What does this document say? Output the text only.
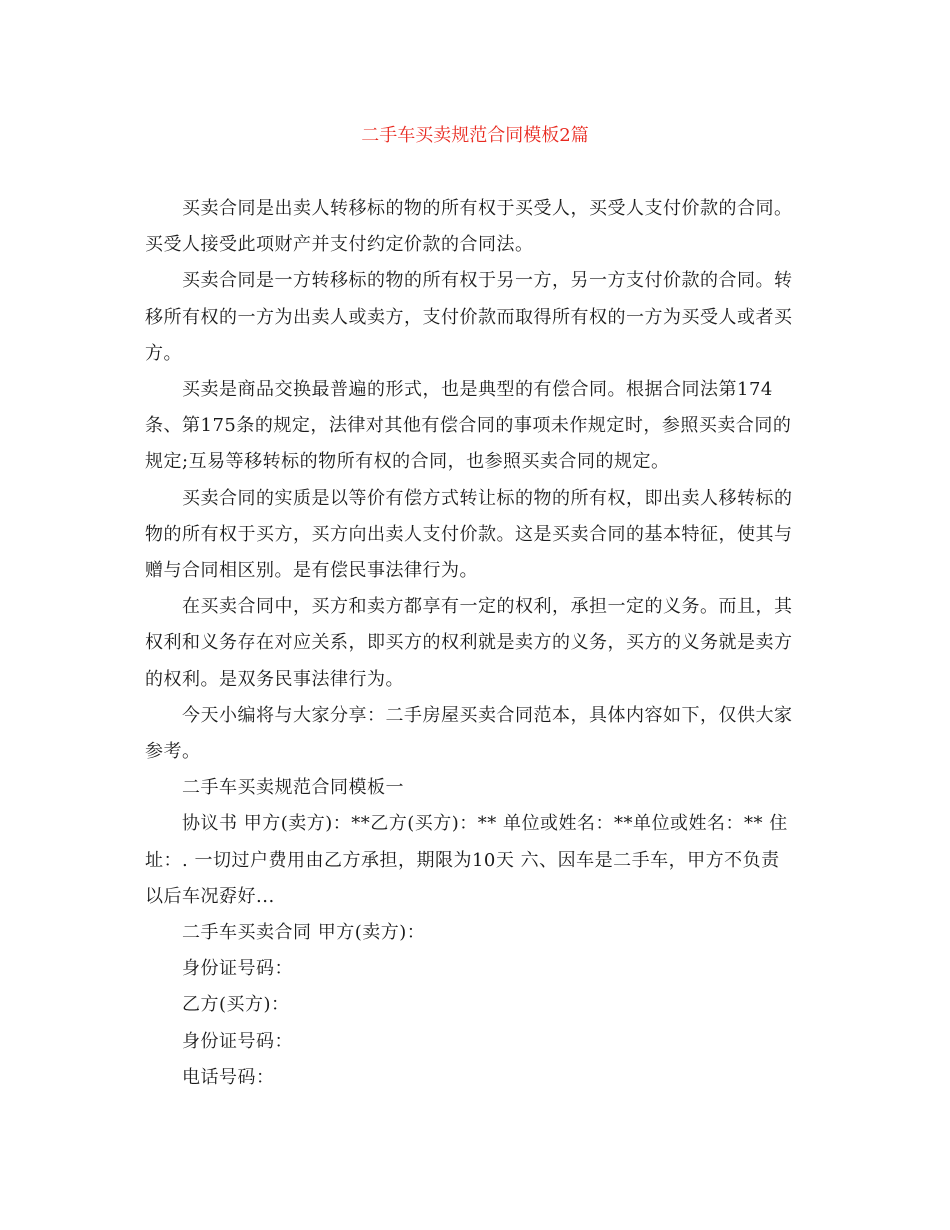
二手车买卖规范合同模板2篇

买卖合同是出卖人转移标的物的所有权于买受人，买受人支付价款的合同。
买受人接受此项财产并支付约定价款的合同法。

买卖合同是一方转移标的物的所有权于另一方，另一方支付价款的合同。转
移所有权的一方为出卖人或卖方，支付价款而取得所有权的一方为买受人或者买
方。

买卖是商品交换最普遍的形式，也是典型的有偿合同。根据合同法第174
条、第175条的规定，法律对其他有偿合同的事项未作规定时，参照买卖合同的
规定;互易等移转标的物所有权的合同，也参照买卖合同的规定。

买卖合同的实质是以等价有偿方式转让标的物的所有权，即出卖人移转标的
物的所有权于买方，买方向出卖人支付价款。这是买卖合同的基本特征，使其与
赠与合同相区别。是有偿民事法律行为。

在买卖合同中，买方和卖方都享有一定的权利，承担一定的义务。而且，其
权利和义务存在对应关系，即买方的权利就是卖方的义务，买方的义务就是卖方
的权利。是双务民事法律行为。

今天小编将与大家分享：二手房屋买卖合同范本，具体内容如下，仅供大家
参考。

二手车买卖规范合同模板一

协议书 甲方(卖方)：**乙方(买方)：** 单位或姓名：**单位或姓名：** 住
址：. 一切过户费用由乙方承担，期限为10天 六、因车是二手车，甲方不负责
以后车况孬好...

二手车买卖合同 甲方(卖方)：

身份证号码：

乙方(买方)：

身份证号码：

电话号码：
